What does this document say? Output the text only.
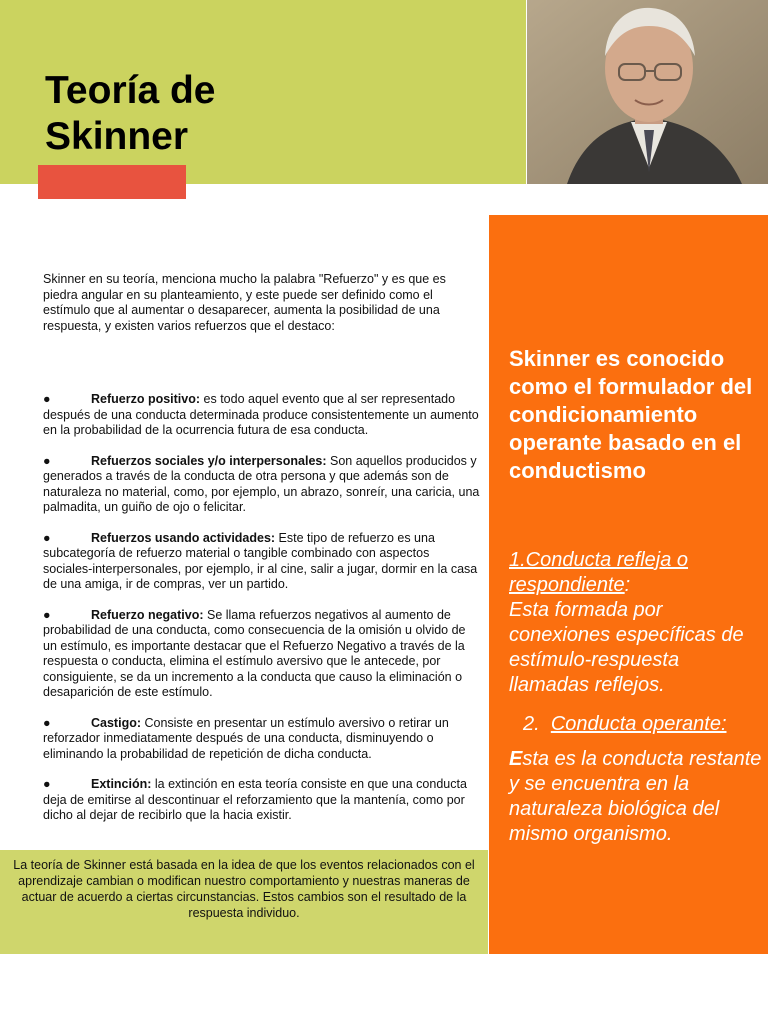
Teoría de
Skinner

Skinner en su teoría, menciona mucho la palabra "Refuerzo" y es que es piedra angular en su planteamiento, y este puede ser definido como el estímulo que al aumentar o desaparecer, aumenta la posibilidad de una respuesta, y existen varios refuerzos que el destaco:

●	Refuerzo positivo: es todo aquel evento que al ser representado después de una conducta determinada produce consistentemente un aumento en la probabilidad de la ocurrencia futura de esa conducta.

●	Refuerzos sociales y/o interpersonales: Son aquellos producidos y generados a través de la conducta de otra persona y que además son de naturaleza no material, como, por ejemplo, un abrazo, sonreír, una caricia, una palmadita, un guiño de ojo o felicitar.

●	Refuerzos usando actividades: Este tipo de refuerzo es una subcategoría de refuerzo material o tangible combinado con aspectos sociales-interpersonales, por ejemplo, ir al cine, salir a jugar, dormir en la casa de una amiga, ir de compras, ver un partido.

●	Refuerzo negativo: Se llama refuerzos negativos al aumento de probabilidad de una conducta, como consecuencia de la omisión u olvido de un estímulo, es importante destacar que el Refuerzo Negativo a través de la respuesta o conducta, elimina el estímulo aversivo que le antecede, por consiguiente, se da un incremento a la conducta que causo la eliminación o desaparición de este estímulo.

●	Castigo: Consiste en presentar un estímulo aversivo o retirar un reforzador inmediatamente después de una conducta, disminuyendo o eliminando la probabilidad de repetición de dicha conducta.

●	Extinción: la extinción en esta teoría consiste en que una conducta deja de emitirse al descontinuar el reforzamiento que la mantenía, como por dicho al dejar de recibirlo que la hacia existir.

La teoría de Skinner está basada en la idea de que los eventos relacionados con el aprendizaje cambian o modifican nuestro comportamiento y nuestras maneras de actuar de acuerdo a ciertas circunstancias. Estos cambios son el resultado de la respuesta individuo.

Skinner es conocido como el formulador del condicionamiento operante basado en el conductismo

1.Conducta refleja o respondiente:
Esta formada por conexiones específicas de estímulo-respuesta llamadas reflejos.

2. Conducta operante:

Esta es la conducta restante y se encuentra en la naturaleza biológica del mismo organismo.
